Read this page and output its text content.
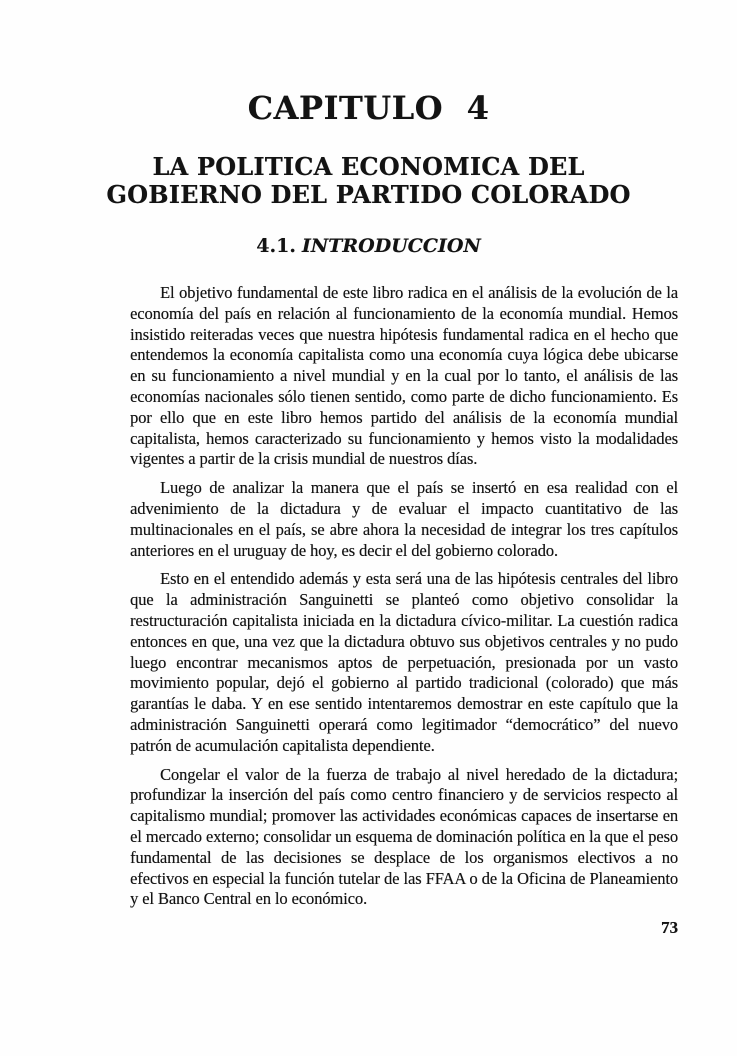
CAPITULO 4
LA POLITICA ECONOMICA DEL
GOBIERNO DEL PARTIDO COLORADO
4.1. INTRODUCCION

El objetivo fundamental de este libro radica en el análisis de la evolución de la economía del país en relación al funcionamiento de la economía mundial. Hemos insistido reiteradas veces que nuestra hipótesis fundamental radica en el hecho que entendemos la economía capitalista como una economía cuya lógica debe ubicarse en su funcionamiento a nivel mundial y en la cual por lo tanto, el análisis de las economías nacionales sólo tienen sentido, como parte de dicho funcionamiento. Es por ello que en este libro hemos partido del análisis de la economía mundial capitalista, hemos caracterizado su funcionamiento y hemos visto la modalidades vigentes a partir de la crisis mundial de nuestros días.

Luego de analizar la manera que el país se insertó en esa realidad con el advenimiento de la dictadura y de evaluar el impacto cuantitativo de las multinacionales en el país, se abre ahora la necesidad de integrar los tres capítulos anteriores en el uruguay de hoy, es decir el del gobierno colorado.

Esto en el entendido además y esta será una de las hipótesis centrales del libro que la administración Sanguinetti se planteó como objetivo consolidar la restructuración capitalista iniciada en la dictadura cívico-militar. La cuestión radica entonces en que, una vez que la dictadura obtuvo sus objetivos centrales y no pudo luego encontrar mecanismos aptos de perpetuación, presionada por un vasto movimiento popular, dejó el gobierno al partido tradicional (colorado) que más garantías le daba. Y en ese sentido intentaremos demostrar en este capítulo que la administración Sanguinetti operará como legitimador “democrático” del nuevo patrón de acumulación capitalista dependiente.

Congelar el valor de la fuerza de trabajo al nivel heredado de la dictadura; profundizar la inserción del país como centro financiero y de servicios respecto al capitalismo mundial; promover las actividades económicas capaces de insertarse en el mercado externo; consolidar un esquema de dominación política en la que el peso fundamental de las decisiones se desplace de los organismos electivos a no efectivos en especial la función tutelar de las FFAA o de la Oficina de Planeamiento y el Banco Central en lo económico.

73
